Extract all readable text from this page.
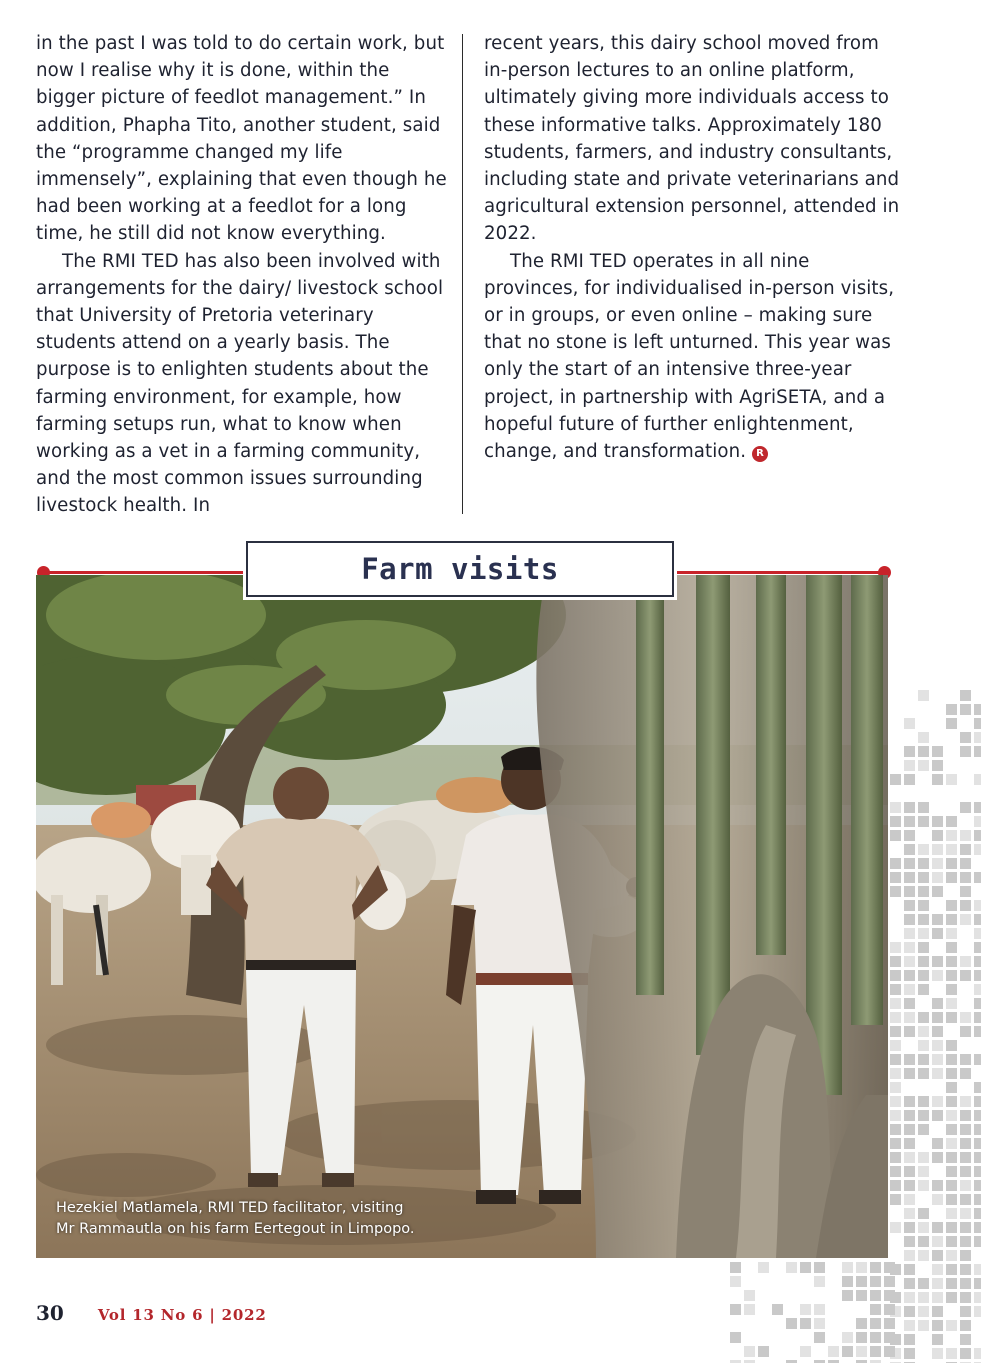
in the past I was told to do certain work, but now I realise why it is done, within the bigger picture of feedlot management.” In addition, Phapha Tito, another student, said the “programme changed my life immensely”, explaining that even though he had been working at a feedlot for a long time, he still did not know everything.

The RMI TED has also been involved with arrangements for the dairy/ livestock school that University of Pretoria veterinary students attend on a yearly basis. The purpose is to enlighten students about the farming environment, for example, how farming setups run, what to know when working as a vet in a farming community, and the most common issues surrounding livestock health. In

recent years, this dairy school moved from in-person lectures to an online platform, ultimately giving more individuals access to these informative talks. Approximately 180 students, farmers, and industry consultants, including state and private veterinarians and agricultural extension personnel, attended in 2022.

The RMI TED operates in all nine provinces, for individualised in-person visits, or in groups, or even online – making sure that no stone is left unturned. This year was only the start of an intensive three-year project, in partnership with AgriSETA, and a hopeful future of further enlightenment, change, and transformation. R

Farm visits
Hezekiel Matlamela, RMI TED facilitator, visiting
Mr Rammautla on his farm Eertegout in Limpopo.
30 Vol 13 No 6 | 2022
